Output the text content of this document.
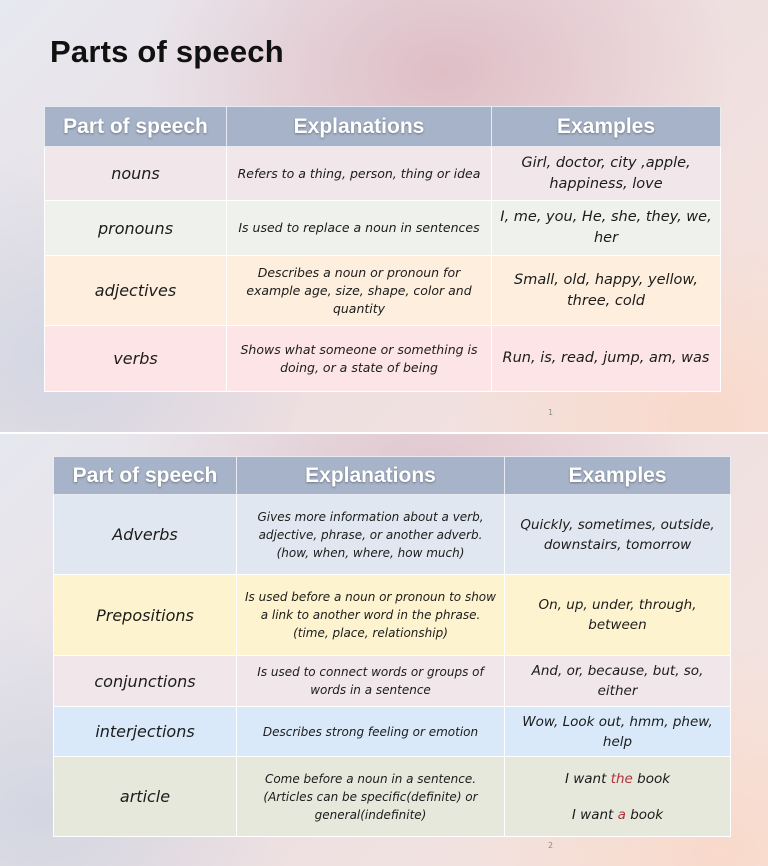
Parts of speech
Part of speech	Explanations	Examples
nouns	Refers to a thing, person, thing or idea	Girl, doctor, city ,apple, happiness, love
pronouns	Is used to replace a noun in sentences	I, me, you, He, she, they, we, her
adjectives	Describes a noun or pronoun for example age, size, shape, color and quantity	Small, old, happy, yellow, three, cold
verbs	Shows what someone or something is doing, or a state of being	Run, is, read, jump, am, was
1
Part of speech	Explanations	Examples
Adverbs	Gives more information about a verb, adjective, phrase, or another adverb. (how, when, where, how much)	Quickly, sometimes, outside, downstairs, tomorrow
Prepositions	Is used before a noun or pronoun to show a link to another word in the phrase. (time, place, relationship)	On, up, under, through, between
conjunctions	Is used to connect words or groups of words in a sentence	And, or, because, but, so, either
interjections	Describes strong feeling or emotion	Wow, Look out, hmm, phew, help
article	Come before a noun in a sentence. (Articles can be specific(definite) or general(indefinite)	I want the book
I want a book
2
